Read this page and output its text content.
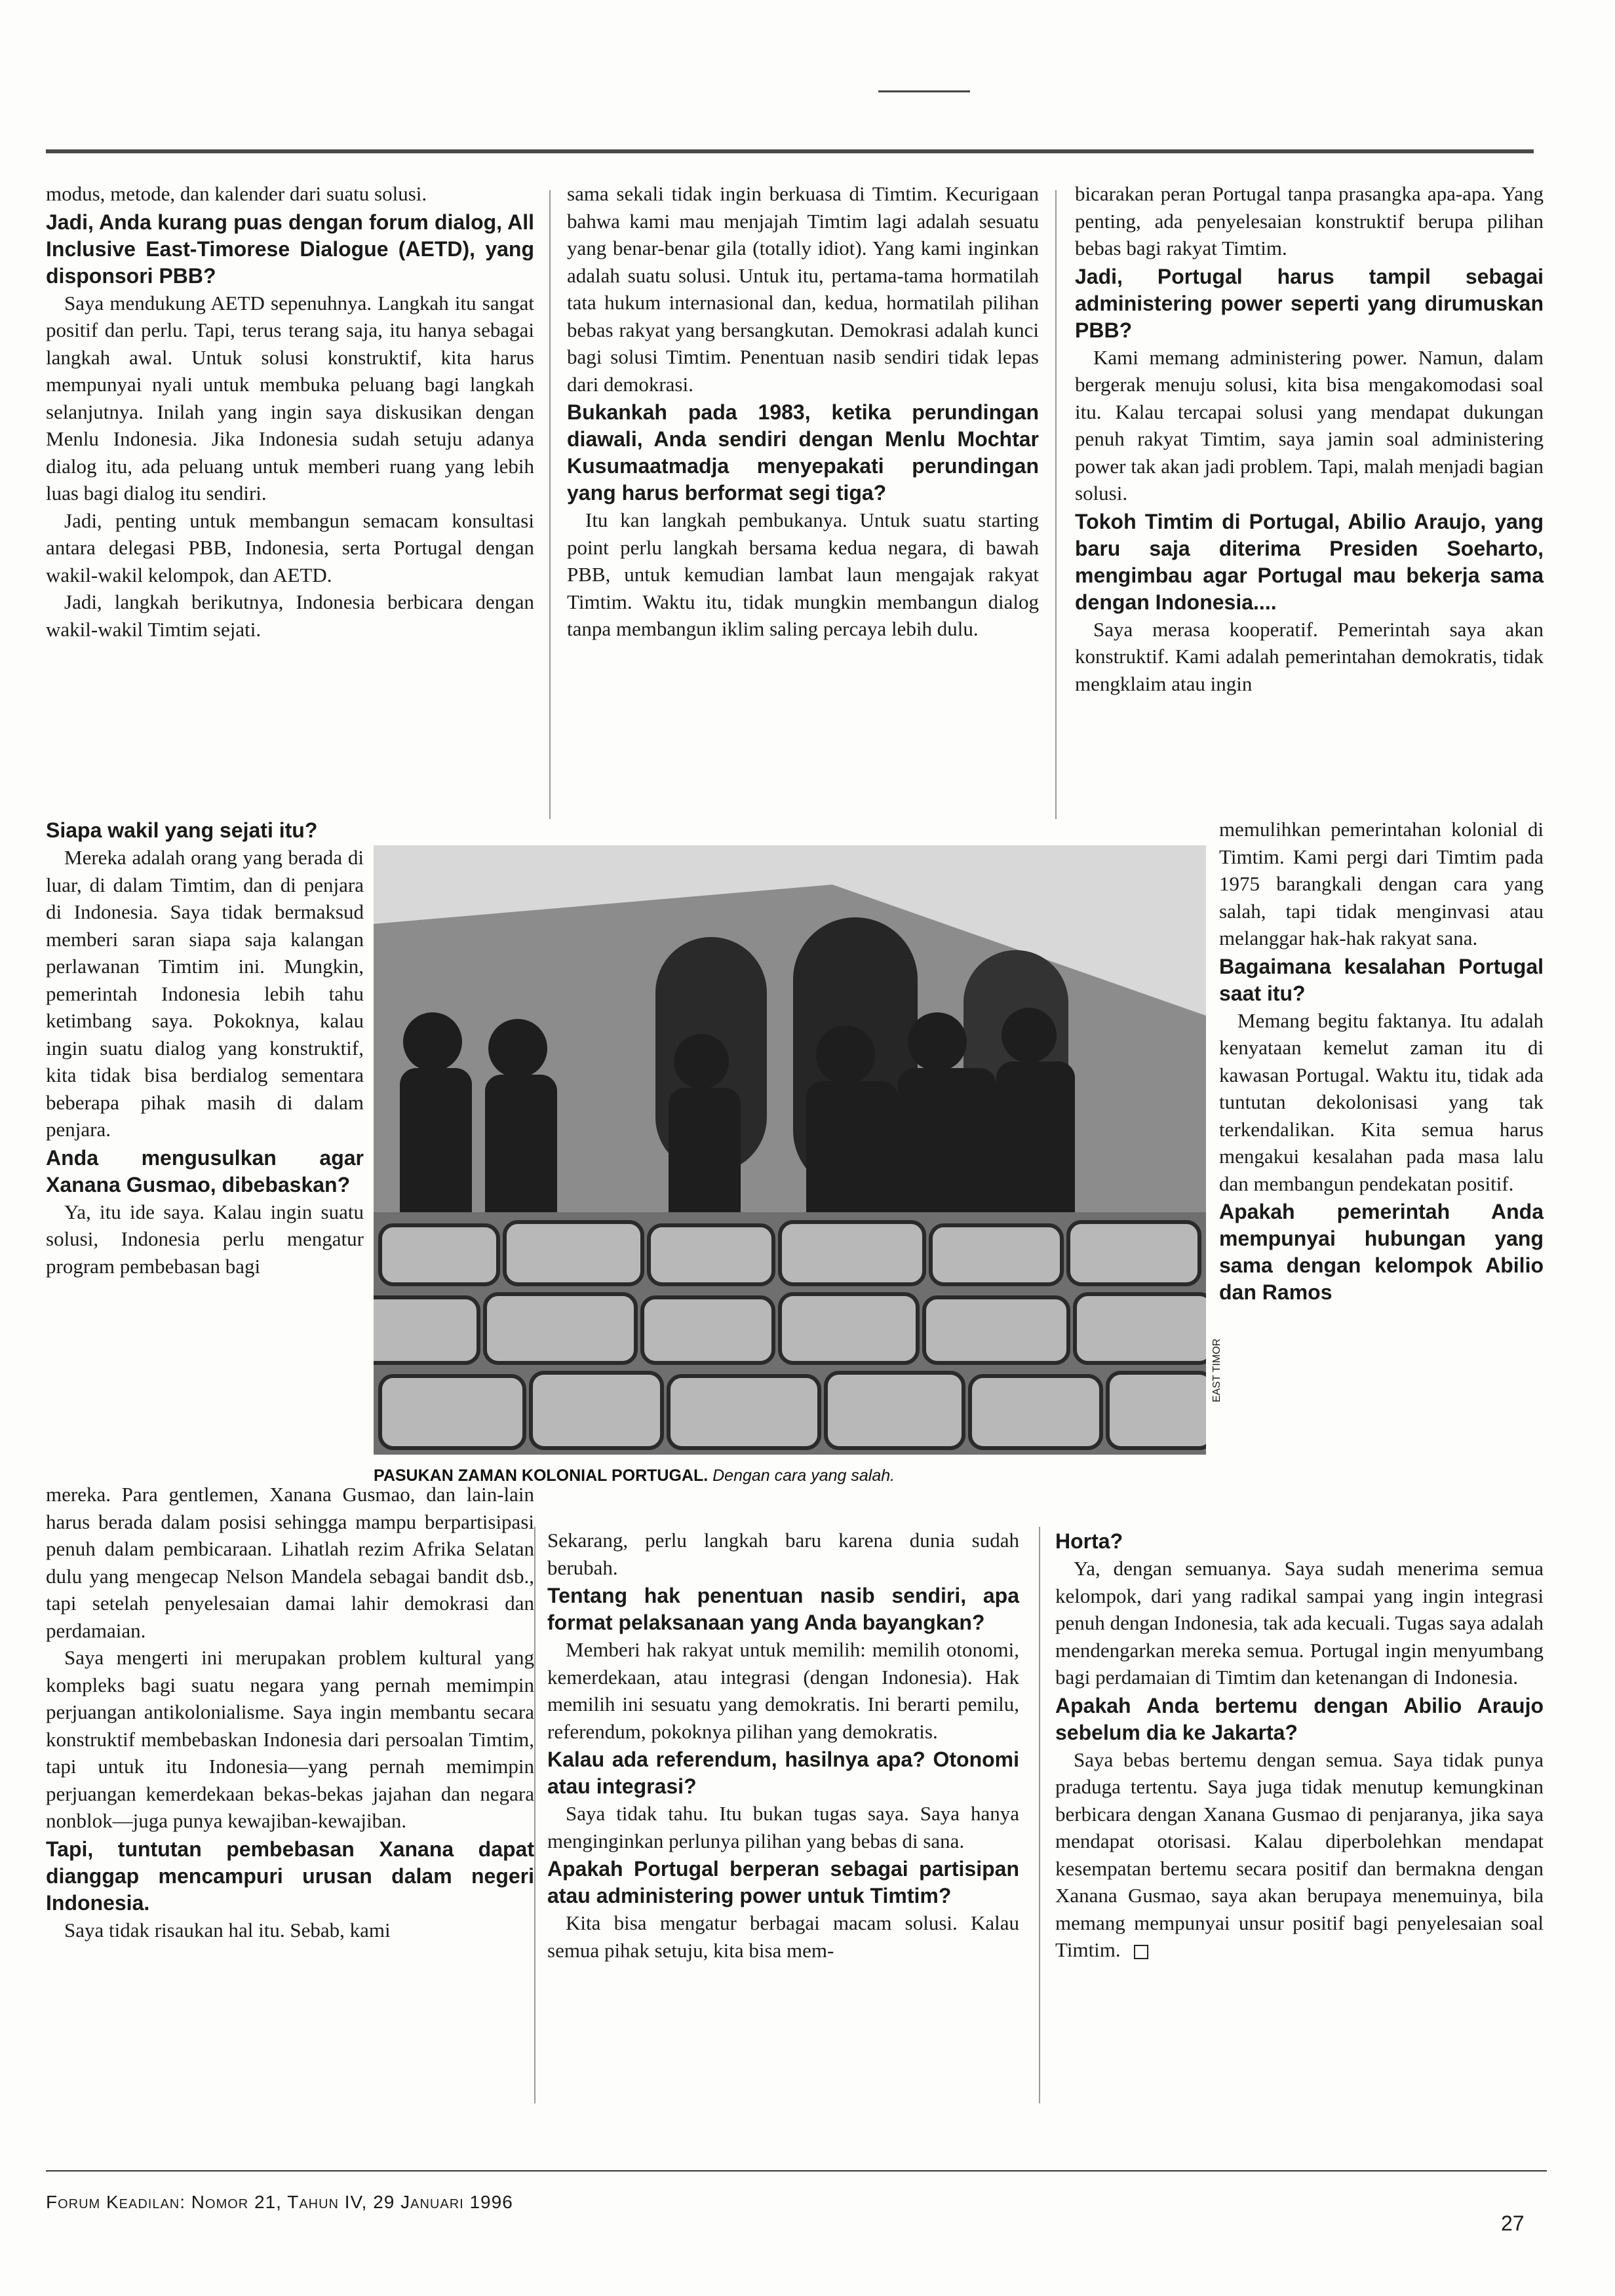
modus, metode, dan kalender dari suatu solusi.

Jadi, Anda kurang puas dengan forum dialog, All Inclusive East-Timorese Dialogue (AETD), yang disponsori PBB?

Saya mendukung AETD sepenuhnya. Langkah itu sangat positif dan perlu. Tapi, terus terang saja, itu hanya sebagai langkah awal. Untuk solusi konstruktif, kita harus mempunyai nyali untuk membuka peluang bagi langkah selanjutnya. Inilah yang ingin saya diskusikan dengan Menlu Indonesia. Jika Indonesia sudah setuju adanya dialog itu, ada peluang untuk memberi ruang yang lebih luas bagi dialog itu sendiri.

Jadi, penting untuk membangun semacam konsultasi antara delegasi PBB, Indonesia, serta Portugal dengan wakil-wakil kelompok, dan AETD.

Jadi, langkah berikutnya, Indonesia berbicara dengan wakil-wakil Timtim sejati.

Siapa wakil yang sejati itu?

Mereka adalah orang yang berada di luar, di dalam Timtim, dan di penjara di Indonesia. Saya tidak bermaksud memberi saran siapa saja kalangan perlawanan Timtim ini. Mungkin, pemerintah Indonesia lebih tahu ketimbang saya. Pokoknya, kalau ingin suatu dialog yang konstruktif, kita tidak bisa berdialog sementara beberapa pihak masih di dalam penjara.

Anda mengusulkan agar Xanana Gusmao, dibebaskan?

Ya, itu ide saya. Kalau ingin suatu solusi, Indonesia perlu mengatur program pembebasan bagi

mereka. Para gentlemen, Xanana Gusmao, dan lain-lain harus berada dalam posisi sehingga mampu berpartisipasi penuh dalam pembicaraan. Lihatlah rezim Afrika Selatan dulu yang mengecap Nelson Mandela sebagai bandit dsb., tapi setelah penyelesaian damai lahir demokrasi dan perdamaian.

Saya mengerti ini merupakan problem kultural yang kompleks bagi suatu negara yang pernah memimpin perjuangan antikolonialisme. Saya ingin membantu secara konstruktif membebaskan Indonesia dari persoalan Timtim, tapi untuk itu Indonesia—yang pernah memimpin perjuangan kemerdekaan bekas-bekas jajahan dan negara nonblok—juga punya kewajiban-kewajiban.

Tapi, tuntutan pembebasan Xanana dapat dianggap mencampuri urusan dalam negeri Indonesia.

Saya tidak risaukan hal itu. Sebab, kami

sama sekali tidak ingin berkuasa di Timtim. Kecurigaan bahwa kami mau menjajah Timtim lagi adalah sesuatu yang benar-benar gila (totally idiot). Yang kami inginkan adalah suatu solusi. Untuk itu, pertama-tama hormatilah tata hukum internasional dan, kedua, hormatilah pilihan bebas rakyat yang bersangkutan. Demokrasi adalah kunci bagi solusi Timtim. Penentuan nasib sendiri tidak lepas dari demokrasi.

Bukankah pada 1983, ketika perundingan diawali, Anda sendiri dengan Menlu Mochtar Kusumaatmadja menyepakati perundingan yang harus berformat segi tiga?

Itu kan langkah pembukanya. Untuk suatu starting point perlu langkah bersama kedua negara, di bawah PBB, untuk kemudian lambat laun mengajak rakyat Timtim. Waktu itu, tidak mungkin membangun dialog tanpa membangun iklim saling percaya lebih dulu.

Sekarang, perlu langkah baru karena dunia sudah berubah.

Tentang hak penentuan nasib sendiri, apa format pelaksanaan yang Anda bayangkan?

Memberi hak rakyat untuk memilih: memilih otonomi, kemerdekaan, atau integrasi (dengan Indonesia). Hak memilih ini sesuatu yang demokratis. Ini berarti pemilu, referendum, pokoknya pilihan yang demokratis.

Kalau ada referendum, hasilnya apa? Otonomi atau integrasi?

Saya tidak tahu. Itu bukan tugas saya. Saya hanya menginginkan perlunya pilihan yang bebas di sana.

Apakah Portugal berperan sebagai partisipan atau administering power untuk Timtim?

Kita bisa mengatur berbagai macam solusi. Kalau semua pihak setuju, kita bisa mem-

bicarakan peran Portugal tanpa prasangka apa-apa. Yang penting, ada penyelesaian konstruktif berupa pilihan bebas bagi rakyat Timtim.

Jadi, Portugal harus tampil sebagai administering power seperti yang dirumuskan PBB?

Kami memang administering power. Namun, dalam bergerak menuju solusi, kita bisa mengakomodasi soal itu. Kalau tercapai solusi yang mendapat dukungan penuh rakyat Timtim, saya jamin soal administering power tak akan jadi problem. Tapi, malah menjadi bagian solusi.

Tokoh Timtim di Portugal, Abilio Araujo, yang baru saja diterima Presiden Soeharto, mengimbau agar Portugal mau bekerja sama dengan Indonesia....

Saya merasa kooperatif. Pemerintah saya akan konstruktif. Kami adalah pemerintahan demokratis, tidak mengklaim atau ingin

memulihkan pemerintahan kolonial di Timtim. Kami pergi dari Timtim pada 1975 barangkali dengan cara yang salah, tapi tidak menginvasi atau melanggar hak-hak rakyat sana.

Bagaimana kesalahan Portugal saat itu?

Memang begitu faktanya. Itu adalah kenyataan kemelut zaman itu di kawasan Portugal. Waktu itu, tidak ada tuntutan dekolonisasi yang tak terkendalikan. Kita semua harus mengakui kesalahan pada masa lalu dan membangun pendekatan positif.

Apakah pemerintah Anda mempunyai hubungan yang sama dengan kelompok Abilio dan Ramos

Horta?

Ya, dengan semuanya. Saya sudah menerima semua kelompok, dari yang radikal sampai yang ingin integrasi penuh dengan Indonesia, tak ada kecuali. Tugas saya adalah mendengarkan mereka semua. Portugal ingin menyumbang bagi perdamaian di Timtim dan ketenangan di Indonesia.

Apakah Anda bertemu dengan Abilio Araujo sebelum dia ke Jakarta?

Saya bebas bertemu dengan semua. Saya tidak punya praduga tertentu. Saya juga tidak menutup kemungkinan berbicara dengan Xanana Gusmao di penjaranya, jika saya mendapat otorisasi. Kalau diperbolehkan mendapat kesempatan bertemu secara positif dan bermakna dengan Xanana Gusmao, saya akan berupaya menemuinya, bila memang mempunyai unsur positif bagi penyelesaian soal Timtim.

EAST TIMOR
PASUKAN ZAMAN KOLONIAL PORTUGAL. Dengan cara yang salah.
Forum Keadilan: Nomor 21, Tahun IV, 29 Januari 1996
27
